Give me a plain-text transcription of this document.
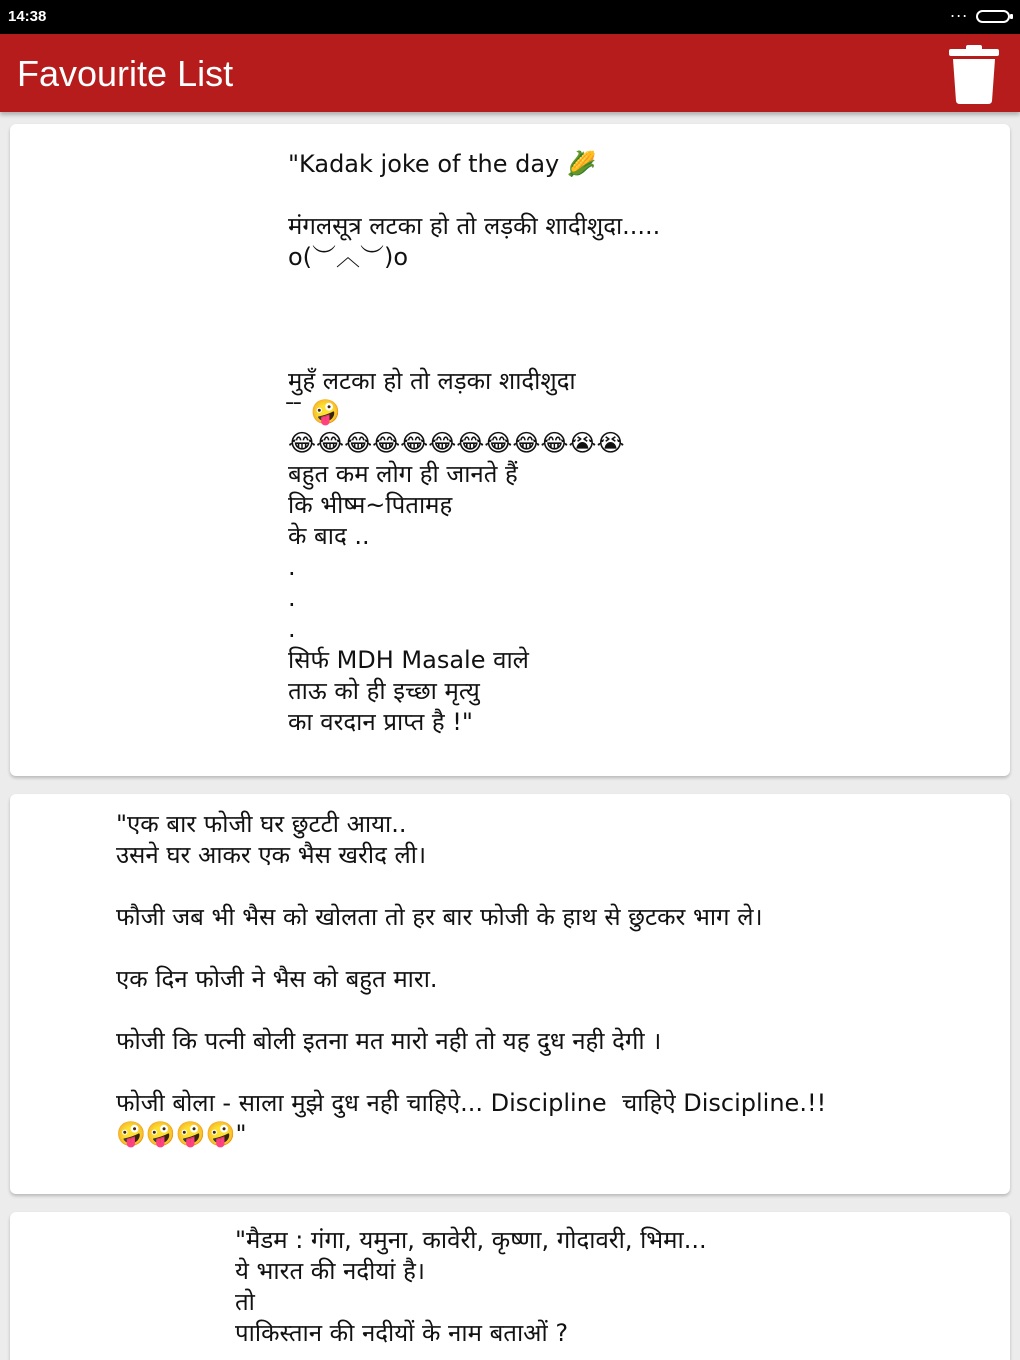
14:38	...
Favourite List

"Kadak joke of the day 🌽

मंगलसूत्र लटका हो तो लड़की शादीशुदा.....
o(︶︿︶)o

मुहँ लटका हो तो लड़का शादीशुदा
̄ ̄ 🤪
😂😂😂😂😂😂😂😂😂😂😭😭
बहुत कम लोग ही जानते हैं
कि भीष्म~पितामह
के बाद ..
.
.
.
सिर्फ MDH Masale वाले
ताऊ को ही इच्छा मृत्यु
का वरदान प्राप्त है !"

"एक बार फोजी घर छुटटी आया..
उसने घर आकर एक भैस खरीद ली।

फौजी जब भी भैस को खोलता तो हर बार फोजी के हाथ से छुटकर भाग ले।

एक दिन फोजी ने भैस को बहुत मारा.

फोजी कि पत्नी बोली इतना मत मारो नही तो यह दुध नही देगी ।

फोजी बोला - साला मुझे दुध नही चाहिऐ... Discipline  चाहिऐ Discipline.!!
🤪🤪🤪🤪"

"मैडम : गंगा, यमुना, कावेरी, कृष्णा, गोदावरी, भिमा...
ये भारत की नदीयां है।
तो
पाकिस्तान की नदीयों के नाम बताओं ?
